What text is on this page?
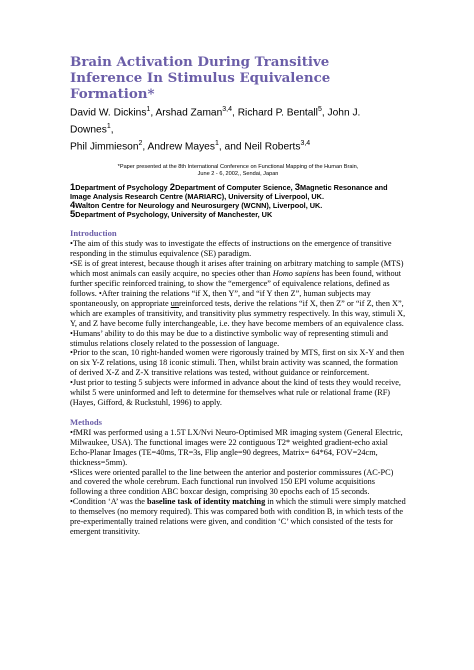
Brain Activation During Transitive Inference In Stimulus Equivalence Formation*

David W. Dickins$^1$, Arshad Zaman$^{3,4}$, Richard P. Bentall$^5$, John J. Downes$^1$,
Phil Jimmieson$^2$, Andrew Mayes$^1$, and Neil Roberts$^{3,4}$

*Paper presented at the 8th International Conference on Functional Mapping of the Human Brain,
June 2 - 6, 2002,, Sendai, Japan

1Department of Psychology 2Department of Computer Science, 3Magnetic Resonance and Image Analysis Research Centre (MARIARC), University of Liverpool, UK.

4Walton Centre for Neurology and Neurosurgery (WCNN), Liverpool, UK.

5Department of Psychology, University of Manchester, UK

Introduction

•The aim of this study was to investigate the effects of instructions on the emergence of transitive responding in the stimulus equivalence (SE) paradigm.

•SE is of great interest, because though it arises after training on arbitrary matching to sample (MTS) which most animals can easily acquire, no species other than Homo sapiens has been found, without further specific reinforced training, to show the “emergence” of equivalence relations, defined as follows. •After training the relations “if X, then Y”, and “if Y then Z”, human subjects may spontaneously, on appropriate unreinforced tests, derive the relations “if X, then Z” or “if Z, then X”, which are examples of transitivity, and transitivity plus symmetry respectively. In this way, stimuli X, Y, and Z have become fully interchangeable, i.e. they have become members of an equivalence class.

•Humans’ ability to do this may be due to a distinctive symbolic way of representing stimuli and stimulus relations closely related to the possession of language.

•Prior to the scan, 10 right-handed women were rigorously trained by MTS, first on six X-Y and then on six Y-Z relations, using 18 iconic stimuli. Then, whilst brain activity was scanned, the formation of derived X-Z and Z-X transitive relations was tested, without guidance or reinforcement.

•Just prior to testing 5 subjects were informed in advance about the kind of tests they would receive, whilst 5 were uninformed and left to determine for themselves what rule or relational frame (RF) (Hayes, Gifford, & Ruckstuhl, 1996) to apply.

Methods

•fMRI was performed using a 1.5T LX/Nvi Neuro-Optimised MR imaging system (General Electric, Milwaukee, USA). The functional images were 22 contiguous T2* weighted gradient-echo axial Echo-Planar Images (TE=40ms, TR=3s, Flip angle=90 degrees, Matrix= 64*64, FOV=24cm, thickness=5mm).

•Slices were oriented parallel to the line between the anterior and posterior commissures (AC-PC) and covered the whole cerebrum. Each functional run involved 150 EPI volume acquisitions following a three condition ABC boxcar design, comprising 30 epochs each of 15 seconds.

•Condition ‘A’ was the baseline task of identity matching in which the stimuli were simply matched to themselves (no memory required). This was compared both with condition B, in which tests of the pre-experimentally trained relations were given, and condition ‘C’ which consisted of the tests for emergent transitivity.
